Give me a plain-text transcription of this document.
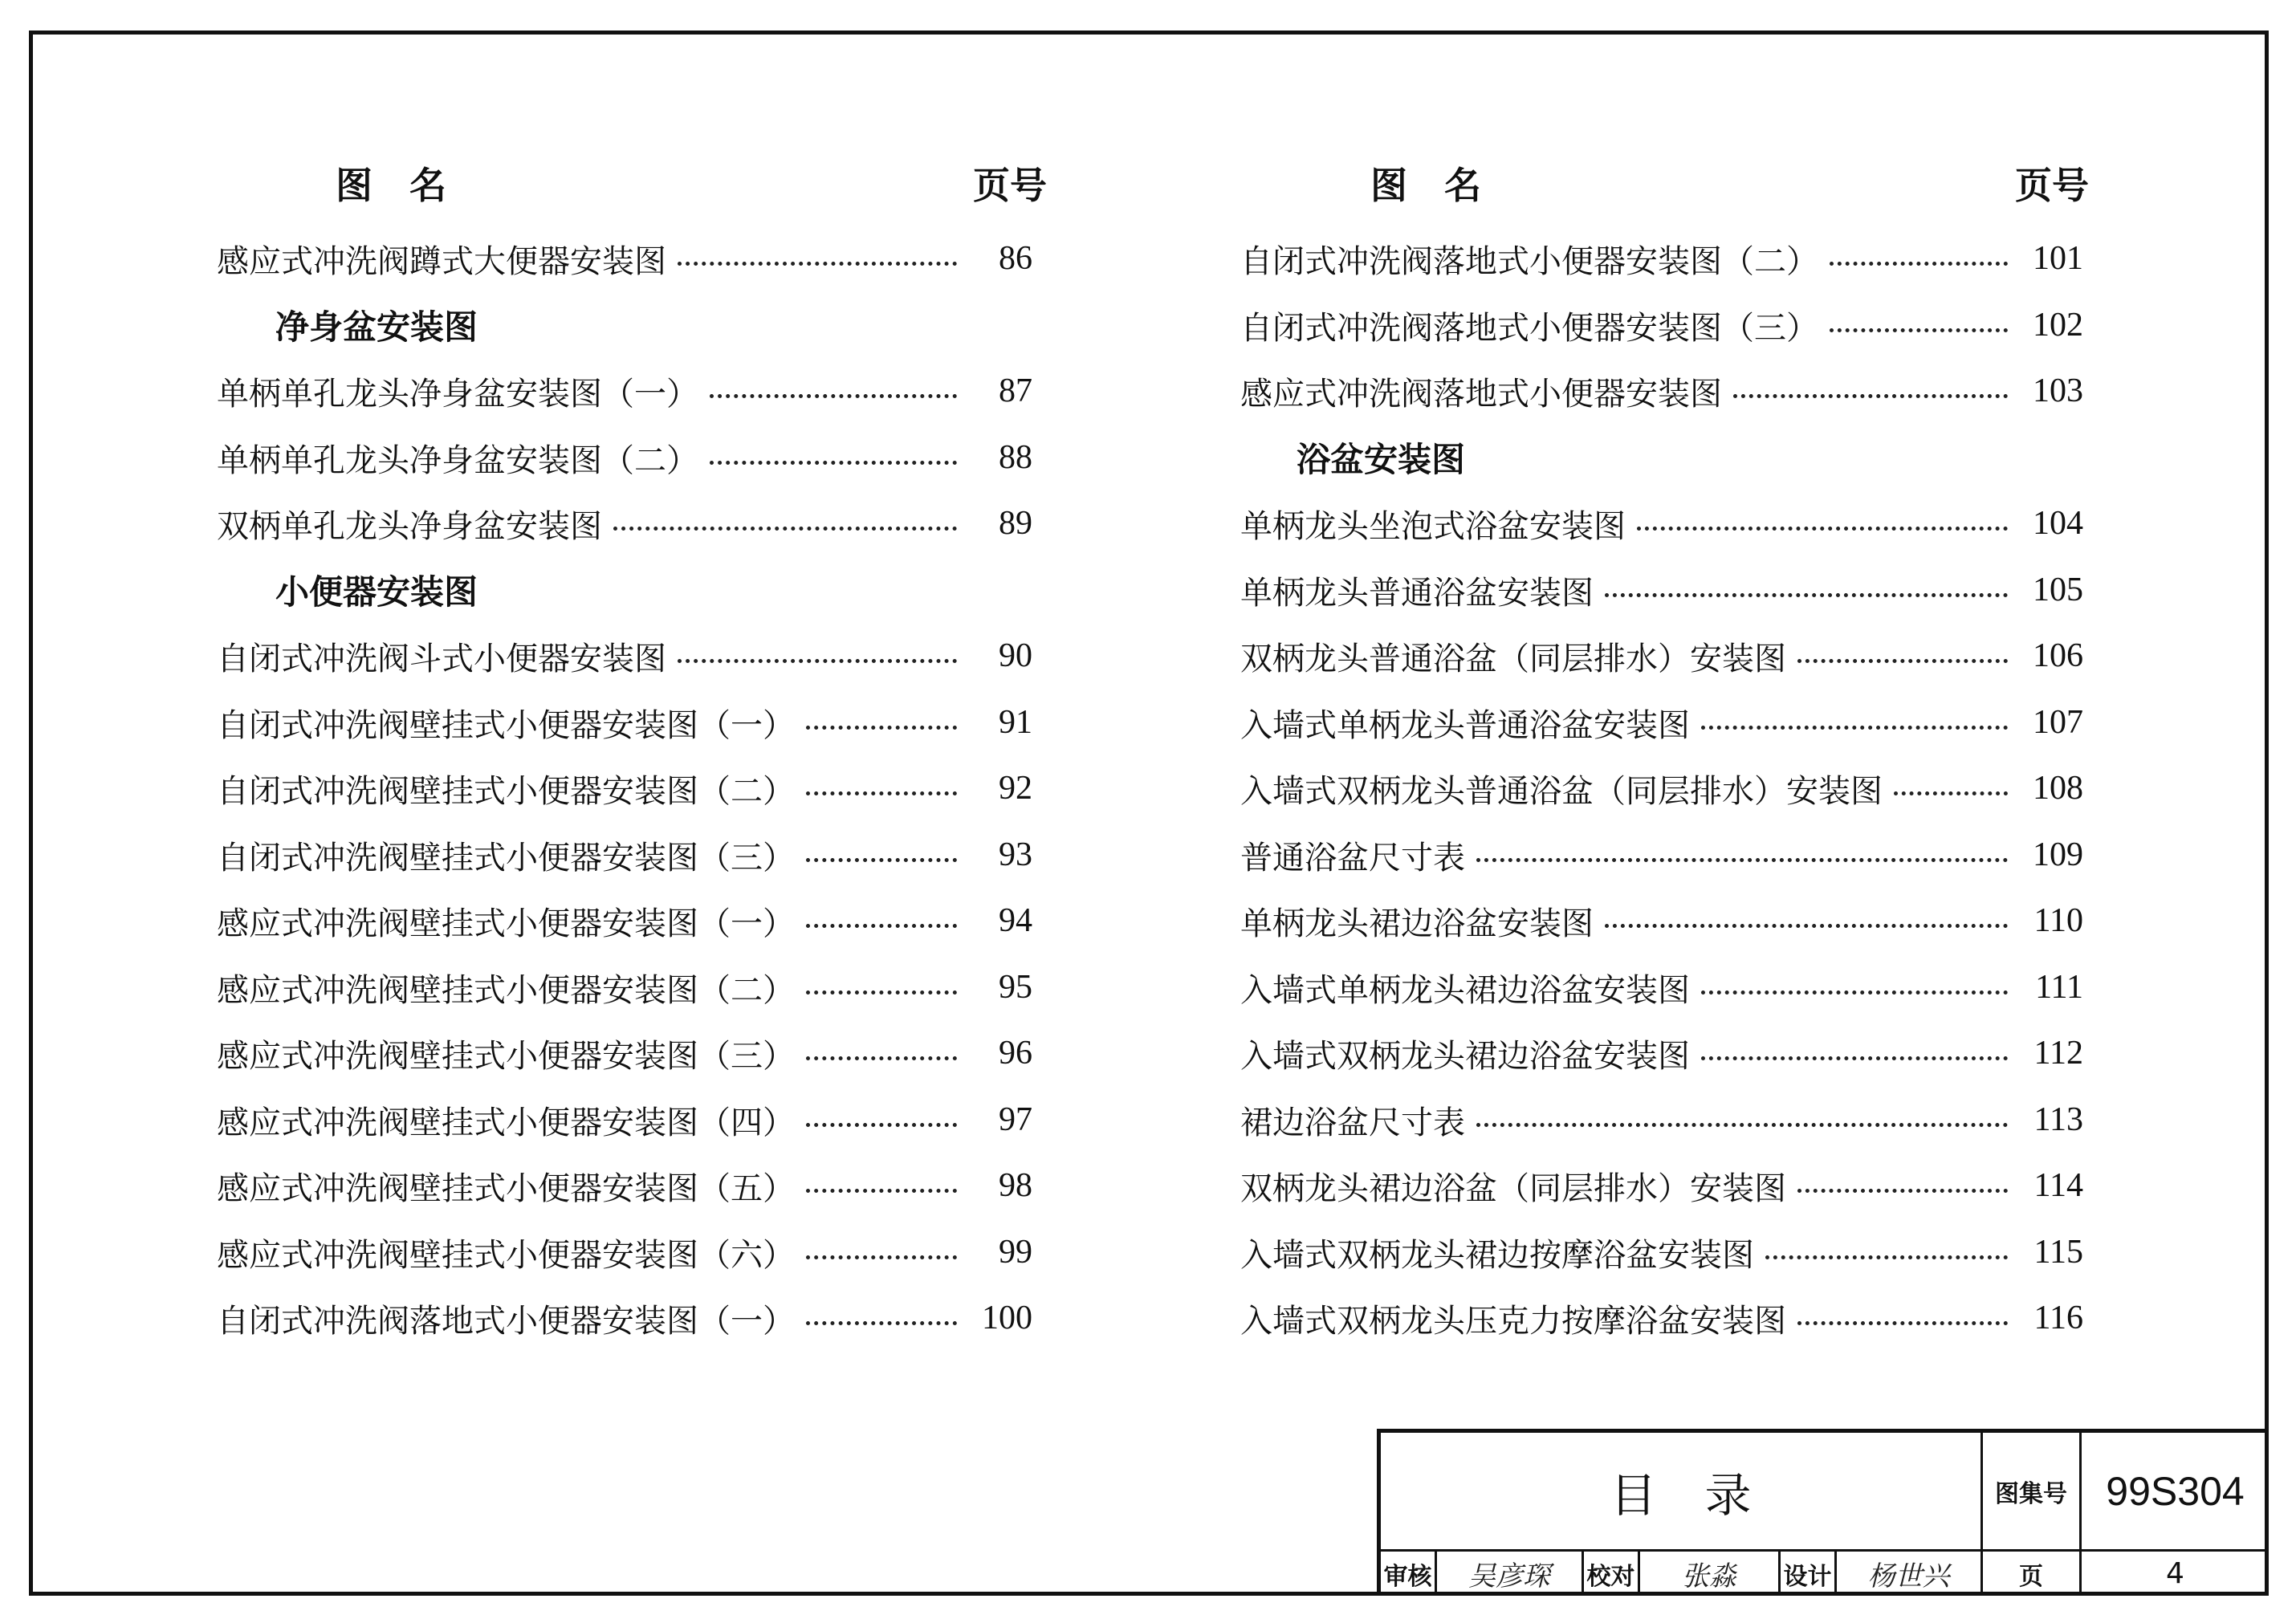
图　名	页号	图　名	页号
感应式冲洗阀蹲式大便器安装图	86
净身盆安装图
单柄单孔龙头净身盆安装图（一）	87
单柄单孔龙头净身盆安装图（二）	88
双柄单孔龙头净身盆安装图	89
小便器安装图
自闭式冲洗阀斗式小便器安装图	90
自闭式冲洗阀壁挂式小便器安装图（一）	91
自闭式冲洗阀壁挂式小便器安装图（二）	92
自闭式冲洗阀壁挂式小便器安装图（三）	93
感应式冲洗阀壁挂式小便器安装图（一）	94
感应式冲洗阀壁挂式小便器安装图（二）	95
感应式冲洗阀壁挂式小便器安装图（三）	96
感应式冲洗阀壁挂式小便器安装图（四）	97
感应式冲洗阀壁挂式小便器安装图（五）	98
感应式冲洗阀壁挂式小便器安装图（六）	99
自闭式冲洗阀落地式小便器安装图（一）	100
自闭式冲洗阀落地式小便器安装图（二）	101
自闭式冲洗阀落地式小便器安装图（三）	102
感应式冲洗阀落地式小便器安装图	103
浴盆安装图
单柄龙头坐泡式浴盆安装图	104
单柄龙头普通浴盆安装图	105
双柄龙头普通浴盆（同层排水）安装图	106
入墙式单柄龙头普通浴盆安装图	107
入墙式双柄龙头普通浴盆（同层排水）安装图	108
普通浴盆尺寸表	109
单柄龙头裙边浴盆安装图	110
入墙式单柄龙头裙边浴盆安装图	111
入墙式双柄龙头裙边浴盆安装图	112
裙边浴盆尺寸表	113
双柄龙头裙边浴盆（同层排水）安装图	114
入墙式双柄龙头裙边按摩浴盆安装图	115
入墙式双柄龙头压克力按摩浴盆安装图	116
目录	图集号 99S304
审核	吴彦琛	校对	张淼	设计	杨世兴	页	4
